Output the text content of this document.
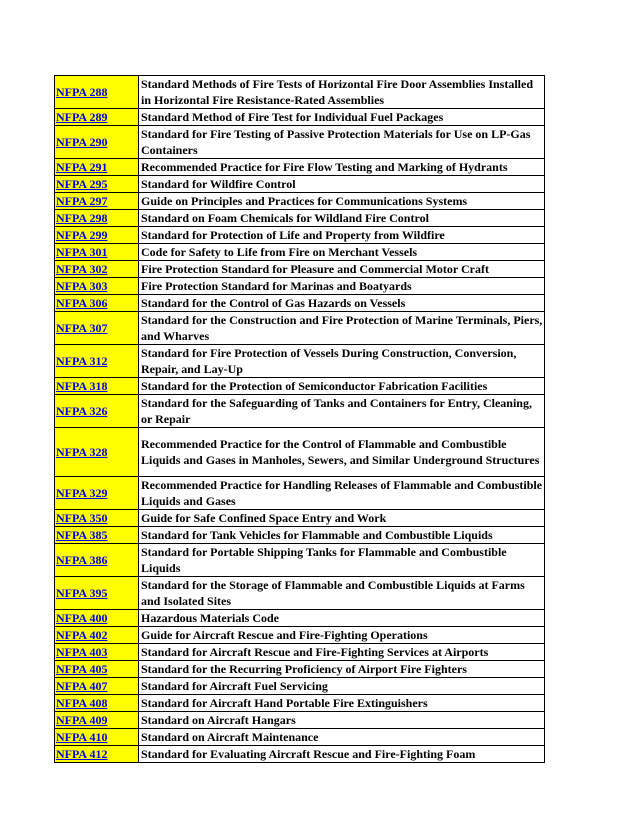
NFPA 288	Standard Methods of Fire Tests of Horizontal Fire Door Assemblies Installed in Horizontal Fire Resistance-Rated Assemblies
NFPA 289	Standard Method of Fire Test for Individual Fuel Packages
NFPA 290	Standard for Fire Testing of Passive Protection Materials for Use on LP-Gas Containers
NFPA 291	Recommended Practice for Fire Flow Testing and Marking of Hydrants
NFPA 295	Standard for Wildfire Control
NFPA 297	Guide on Principles and Practices for Communications Systems
NFPA 298	Standard on Foam Chemicals for Wildland Fire Control
NFPA 299	Standard for Protection of Life and Property from Wildfire
NFPA 301	Code for Safety to Life from Fire on Merchant Vessels
NFPA 302	Fire Protection Standard for Pleasure and Commercial Motor Craft
NFPA 303	Fire Protection Standard for Marinas and Boatyards
NFPA 306	Standard for the Control of Gas Hazards on Vessels
NFPA 307	Standard for the Construction and Fire Protection of Marine Terminals, Piers, and Wharves
NFPA 312	Standard for Fire Protection of Vessels During Construction, Conversion, Repair, and Lay-Up
NFPA 318	Standard for the Protection of Semiconductor Fabrication Facilities
NFPA 326	Standard for the Safeguarding of Tanks and Containers for Entry, Cleaning, or Repair
NFPA 328	Recommended Practice for the Control of Flammable and Combustible Liquids and Gases in Manholes, Sewers, and Similar Underground Structures
NFPA 329	Recommended Practice for Handling Releases of Flammable and Combustible Liquids and Gases
NFPA 350	Guide for Safe Confined Space Entry and Work
NFPA 385	Standard for Tank Vehicles for Flammable and Combustible Liquids
NFPA 386	Standard for Portable Shipping Tanks for Flammable and Combustible Liquids
NFPA 395	Standard for the Storage of Flammable and Combustible Liquids at Farms and Isolated Sites
NFPA 400	Hazardous Materials Code
NFPA 402	Guide for Aircraft Rescue and Fire-Fighting Operations
NFPA 403	Standard for Aircraft Rescue and Fire-Fighting Services at Airports
NFPA 405	Standard for the Recurring Proficiency of Airport Fire Fighters
NFPA 407	Standard for Aircraft Fuel Servicing
NFPA 408	Standard for Aircraft Hand Portable Fire Extinguishers
NFPA 409	Standard on Aircraft Hangars
NFPA 410	Standard on Aircraft Maintenance
NFPA 412	Standard for Evaluating Aircraft Rescue and Fire-Fighting Foam
